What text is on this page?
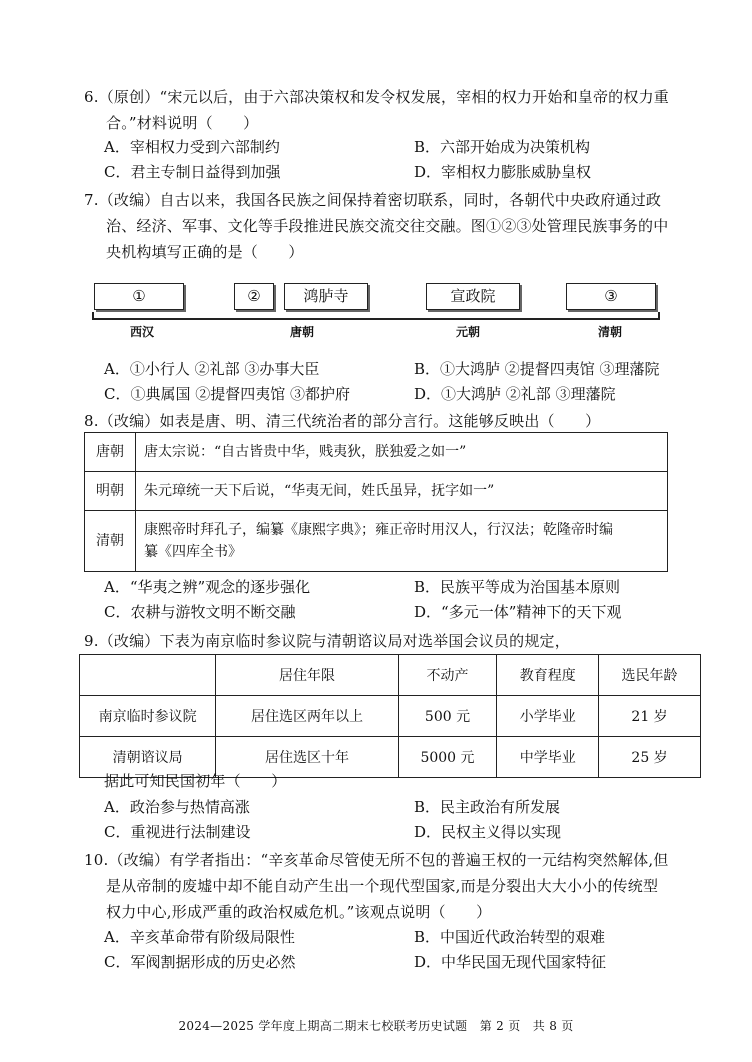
6.（原创）“宋元以后，由于六部决策权和发令权发展，宰相的权力开始和皇帝的权力重
合。”材料说明（　　）
A．宰相权力受到六部制约	B．六部开始成为决策机构
C．君主专制日益得到加强	D．宰相权力膨胀威胁皇权
7.（改编）自古以来，我国各民族之间保持着密切联系，同时，各朝代中央政府通过政
治、经济、军事、文化等手段推进民族交流交往交融。图①②③处管理民族事务的中
央机构填写正确的是（　　）
①	②	鸿胪寺	宣政院	③
西汉	唐朝	元朝	清朝
A．①小行人 ②礼部 ③办事大臣	B．①大鸿胪 ②提督四夷馆 ③理藩院
C．①典属国 ②提督四夷馆 ③都护府	D．①大鸿胪 ②礼部 ③理藩院
8.（改编）如表是唐、明、清三代统治者的部分言行。这能够反映出（　　）
唐朝	唐太宗说：“自古皆贵中华，贱夷狄，朕独爱之如一”
明朝	朱元璋统一天下后说，“华夷无间，姓氏虽异，抚字如一”
清朝	康熙帝时拜孔子，编纂《康熙字典》；雍正帝时用汉人，行汉法；乾隆帝时编
纂《四库全书》
A．“华夷之辨”观念的逐步强化	B．民族平等成为治国基本原则
C．农耕与游牧文明不断交融	D．“多元一体”精神下的天下观
9.（改编）下表为南京临时参议院与清朝谘议局对选举国会议员的规定，
	居住年限	不动产	教育程度	选民年龄
南京临时参议院	居住选区两年以上	500 元	小学毕业	21 岁
清朝谘议局	居住选区十年	5000 元	中学毕业	25 岁
据此可知民国初年（　　）
A．政治参与热情高涨	B．民主政治有所发展
C．重视进行法制建设	D．民权主义得以实现
10.（改编）有学者指出：“辛亥革命尽管使无所不包的普遍王权的一元结构突然解体,但
是从帝制的废墟中却不能自动产生出一个现代型国家,而是分裂出大大小小的传统型
权力中心,形成严重的政治权威危机。”该观点说明（　　）
A．辛亥革命带有阶级局限性	B．中国近代政治转型的艰难
C．军阀割据形成的历史必然	D．中华民国无现代国家特征
2024—2025 学年度上期高二期末七校联考历史试题　第 2 页　共 8 页
